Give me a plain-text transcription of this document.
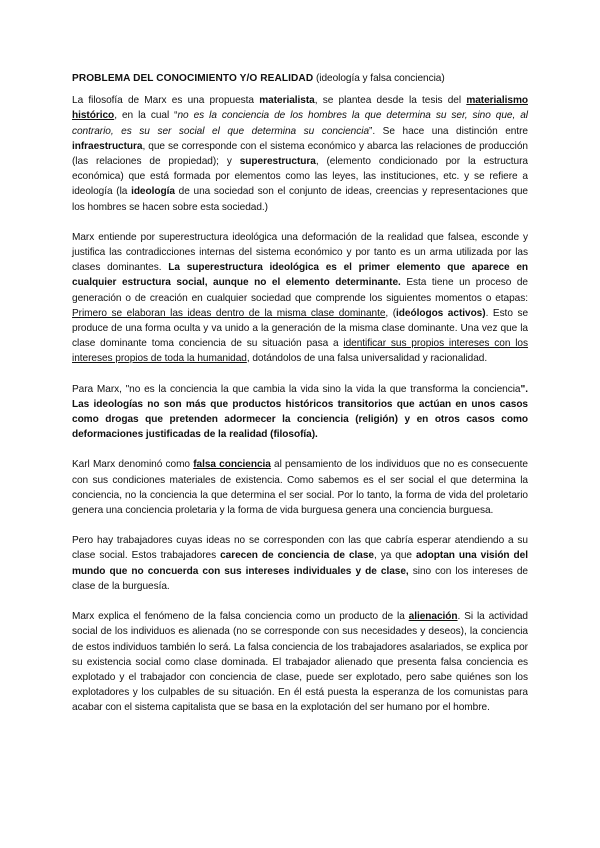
PROBLEMA DEL CONOCIMIENTO Y/O REALIDAD (ideología y falsa conciencia)

La filosofía de Marx es una propuesta materialista, se plantea desde la tesis del materialismo histórico, en la cual “no es la conciencia de los hombres la que determina su ser, sino que, al contrario, es su ser social el que determina su conciencia”. Se hace una distinción entre infraestructura, que se corresponde con el sistema económico y abarca las relaciones de producción (las relaciones de propiedad); y superestructura, (elemento condicionado por la estructura económica) que está formada por elementos como las leyes, las instituciones, etc. y se refiere a ideología (la ideología de una sociedad son el conjunto de ideas, creencias y representaciones que los hombres se hacen sobre esta sociedad.)

Marx entiende por superestructura ideológica una deformación de la realidad que falsea, esconde y justifica las contradicciones internas del sistema económico y por tanto es un arma utilizada por las clases dominantes. La superestructura ideológica es el primer elemento que aparece en cualquier estructura social, aunque no el elemento determinante. Esta tiene un proceso de generación o de creación en cualquier sociedad que comprende los siguientes momentos o etapas: Primero se elaboran las ideas dentro de la misma clase dominante, (ideólogos activos). Esto se produce de una forma oculta y va unido a la generación de la misma clase dominante. Una vez que la clase dominante toma conciencia de su situación pasa a identificar sus propios intereses con los intereses propios de toda la humanidad, dotándolos de una falsa universalidad y racionalidad.

Para Marx, "no es la conciencia la que cambia la vida sino la vida la que transforma la conciencia". Las ideologías no son más que productos históricos transitorios que actúan en unos casos como drogas que pretenden adormecer la conciencia (religión) y en otros casos como deformaciones justificadas de la realidad (filosofía).

Karl Marx denominó como falsa conciencia al pensamiento de los individuos que no es consecuente con sus condiciones materiales de existencia. Como sabemos es el ser social el que determina la conciencia, no la conciencia la que determina el ser social. Por lo tanto, la forma de vida del proletario genera una conciencia proletaria y la forma de vida burguesa genera una conciencia burguesa.

Pero hay trabajadores cuyas ideas no se corresponden con las que cabría esperar atendiendo a su clase social. Estos trabajadores carecen de conciencia de clase, ya que adoptan una visión del mundo que no concuerda con sus intereses individuales y de clase, sino con los intereses de clase de la burguesía.

Marx explica el fenómeno de la falsa conciencia como un producto de la alienación. Si la actividad social de los individuos es alienada (no se corresponde con sus necesidades y deseos), la conciencia de estos individuos también lo será. La falsa conciencia de los trabajadores asalariados, se explica por su existencia social como clase dominada. El trabajador alienado que presenta falsa conciencia es explotado y el trabajador con conciencia de clase, puede ser explotado, pero sabe quiénes son los explotadores y los culpables de su situación. En él está puesta la esperanza de los comunistas para acabar con el sistema capitalista que se basa en la explotación del ser humano por el hombre.
